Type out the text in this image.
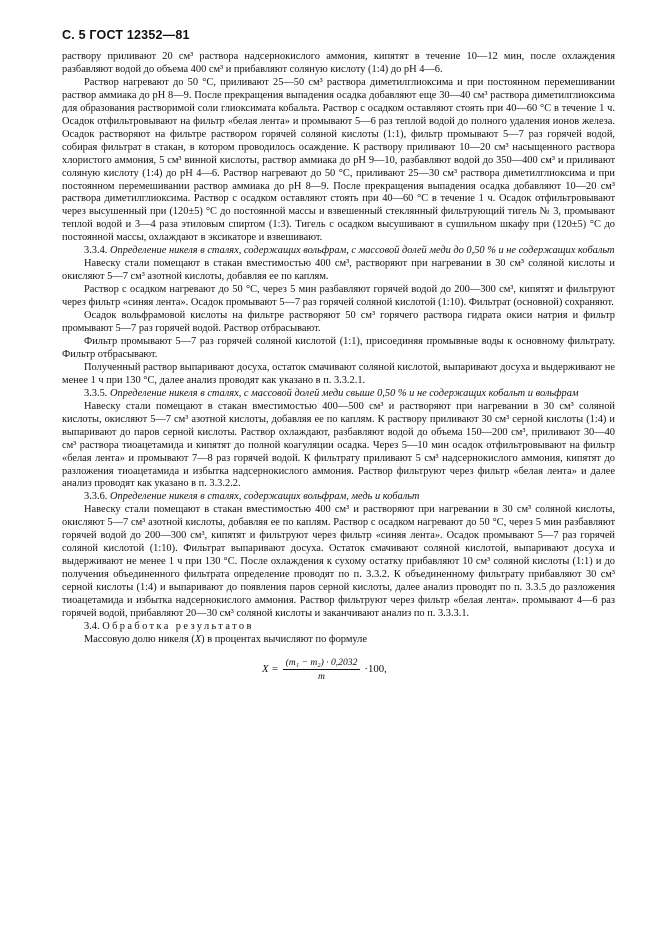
С. 5 ГОСТ 12352—81

раствору приливают 20 см³ раствора надсернокислого аммония, кипятят в течение 10—12 мин, после охлаждения разбавляют водой до объема 400 см³ и прибавляют соляную кислоту (1:4) до рН 4—6.

Раствор нагревают до 50 °С, приливают 25—50 см³ раствора диметилглиоксима и при постоянном перемешивании раствор аммиака до рН 8—9. После прекращения выпадения осадка добавляют еще 30—40 см³ раствора диметилглиоксима для образования растворимой соли глиоксимата кобальта. Раствор с осадком оставляют стоять при 40—60 °С в течение 1 ч. Осадок отфильтровывают на фильтр «белая лента» и промывают 5—6 раз теплой водой до полного удаления ионов железа. Осадок растворяют на фильтре раствором горячей соляной кислоты (1:1), фильтр промывают 5—7 раз горячей водой, собирая фильтрат в стакан, в котором проводилось осаждение. К раствору приливают 10—20 см³ насыщенного раствора хлористого аммония, 5 см³ винной кислоты, раствор аммиака до рН 9—10, разбавляют водой до 350—400 см³ и приливают соляную кислоту (1:4) до рН 4—6. Раствор нагревают до 50 °С, приливают 25—30 см³ раствора диметилглиоксима и при постоянном перемешивании раствор аммиака до рН 8—9. После прекращения выпадения осадка добавляют 10—20 см³ раствора диметилглиоксима. Раствор с осадком оставляют стоять при 40—60 °С в течение 1 ч. Осадок отфильтровывают через высушенный при (120±5) °С до постоянной массы и взвешенный стеклянный фильтрующий тигель № 3, промывают теплой водой и 3—4 раза этиловым спиртом (1:3). Тигель с осадком высушивают в сушильном шкафу при (120±5) °С до постоянной массы, охлаждают в эксикаторе и взвешивают.

3.3.4. Определение никеля в сталях, содержащих вольфрам, с массовой долей меди до 0,50 % и не содержащих кобальт

Навеску стали помещают в стакан вместимостью 400 см³, растворяют при нагревании в 30 см³ соляной кислоты и окисляют 5—7 см³ азотной кислоты, добавляя ее по каплям.

Раствор с осадком нагревают до 50 °С, через 5 мин разбавляют горячей водой до 200—300 см³, кипятят и фильтруют через фильтр «синяя лента». Осадок промывают 5—7 раз горячей соляной кислотой (1:10). Фильтрат (основной) сохраняют.

Осадок вольфрамовой кислоты на фильтре растворяют 50 см³ горячего раствора гидрата окиси натрия и фильтр промывают 5—7 раз горячей водой. Раствор отбрасывают.

Фильтр промывают 5—7 раз горячей соляной кислотой (1:1), присоединяя промывные воды к основному фильтрату. Фильтр отбрасывают.

Полученный раствор выпаривают досуха, остаток смачивают соляной кислотой, выпаривают досуха и выдерживают не менее 1 ч при 130 °С, далее анализ проводят как указано в п. 3.3.2.1.

3.3.5. Определение никеля в сталях, с массовой долей меди свыше 0,50 % и не содержащих кобальт и вольфрам

Навеску стали помещают в стакан вместимостью 400—500 см³ и растворяют при нагревании в 30 см³ соляной кислоты, окисляют 5—7 см³ азотной кислоты, добавляя ее по каплям. К раствору приливают 30 см³ серной кислоты (1:4) и выпаривают до паров серной кислоты. Раствор охлаждают, разбавляют водой до объема 150—200 см³, приливают 30—40 см³ раствора тиоацетамида и кипятят до полной коагуляции осадка. Через 5—10 мин осадок отфильтровывают на фильтр «белая лента» и промывают 7—8 раз горячей водой. К фильтрату приливают 5 см³ надсернокислого аммония, кипятят до разложения тиоацетамида и избытка надсернокислого аммония. Раствор фильтруют через фильтр «белая лента» и далее анализ проводят как указано в п. 3.3.2.2.

3.3.6. Определение никеля в сталях, содержащих вольфрам, медь и кобальт

Навеску стали помещают в стакан вместимостью 400 см³ и растворяют при нагревании в 30 см³ соляной кислоты, окисляют 5—7 см³ азотной кислоты, добавляя ее по каплям. Раствор с осадком нагревают до 50 °С, через 5 мин разбавляют горячей водой до 200—300 см³, кипятят и фильтруют через фильтр «синяя лента». Осадок промывают 5—7 раз горячей соляной кислотой (1:10). Фильтрат выпаривают досуха. Остаток смачивают соляной кислотой, выпаривают досуха и выдерживают не менее 1 ч при 130 °С. После охлаждения к сухому остатку прибавляют 10 см³ соляной кислоты (1:1) и до получения объединенного фильтрата определение проводят по п. 3.3.2. К объединенному фильтрату прибавляют 30 см³ серной кислоты (1:4) и выпаривают до появления паров серной кислоты, далее анализ проводят по п. 3.3.5 до разложения тиоацетамида и избытка надсернокислого аммония. Раствор фильтруют через фильтр «белая лента». промывают 4—6 раз горячей водой, прибавляют 20—30 см³ соляной кислоты и заканчивают анализ по п. 3.3.3.1.

3.4. Обработка результатов

Массовую долю никеля (X) в процентах вычисляют по формуле

$X = \frac{\text{(m₁ − m₂) · 0,2032}}{m} \cdot 100$,
